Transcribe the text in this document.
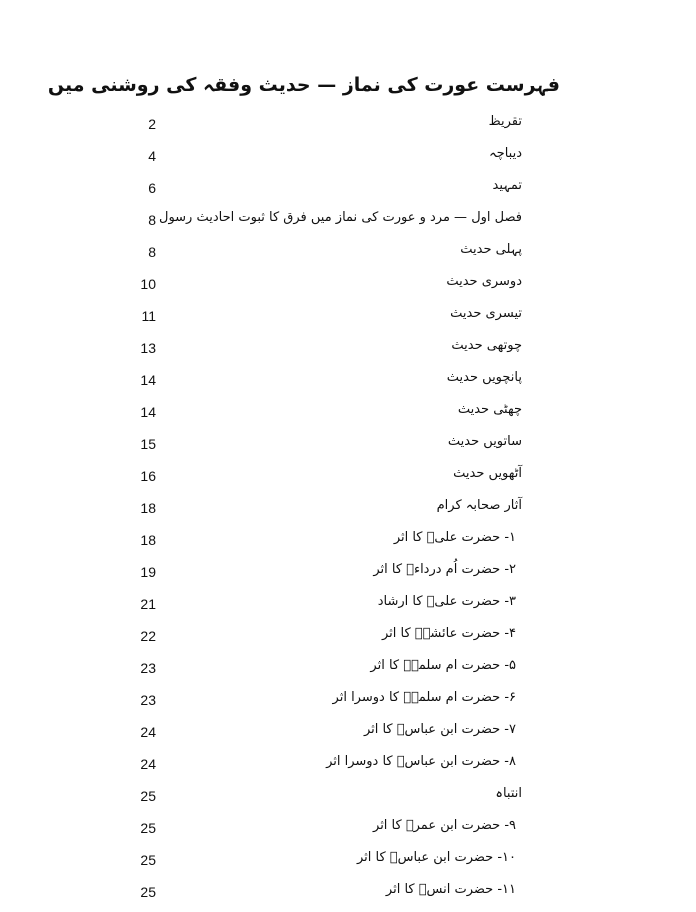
فہرست عورت کی نماز — حدیث وفقہ کی روشنی میں
2	تقریظ
4	دیباچہ
6	تمہید
8 فصل اول — مرد و عورت کی نماز میں فرق کا ثبوت احادیث رسول
8	پہلی حدیث
10	دوسری حدیث
11	تیسری حدیث
13	چوتھی حدیث
14	پانچویں حدیث
14	چھٹی حدیث
15	ساتویں حدیث
16	آٹھویں حدیث
18	آثار صحابہ کرام
18	۱- حضرت علیؓ کا اثر
19	۲- حضرت اُم درداءؓ کا اثر
21	۳- حضرت علیؓ کا ارشاد
22	۴- حضرت عائشہؓ کا اثر
23	۵- حضرت ام سلمہؓ کا اثر
23	۶- حضرت ام سلمہؓ کا دوسرا اثر
24	۷- حضرت ابن عباسؓ کا اثر
24	۸- حضرت ابن عباسؓ کا دوسرا اثر
25	انتباہ
25	۹- حضرت ابن عمرؓ کا اثر
25	۱۰- حضرت ابن عباسؓ کا اثر
25	۱۱- حضرت انسؓ کا اثر
